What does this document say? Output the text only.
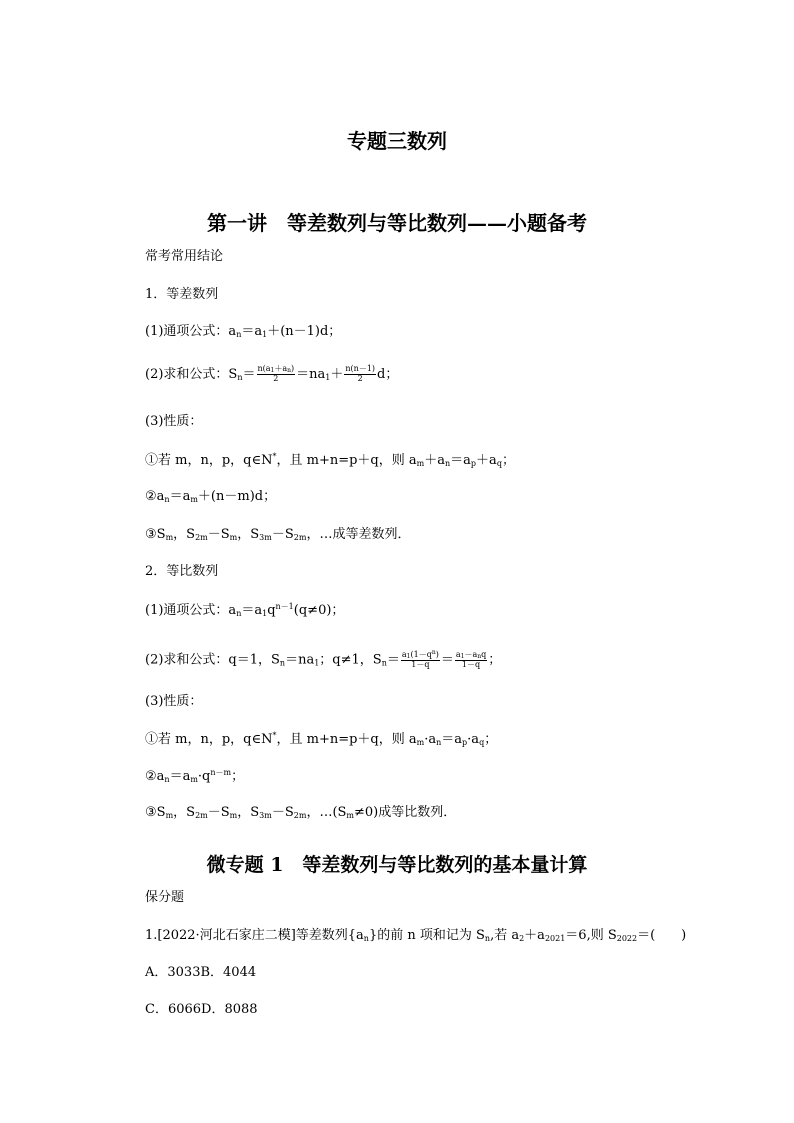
专题三数列
第一讲　等差数列与等比数列——小题备考
常考常用结论
1．等差数列
(1)通项公式：$a_n=a_1+(n-1)d$；
(2)求和公式：$S_n= \frac{n(a_1+a_n)}{2} =na_1+ \frac{n(n-1)}{2}$ d；
(3)性质：
①若 m，n，p，q∈N*，且 m+n=p＋q，则 $a_m+a_n=a_p+a_q$；
$②a_n=a_m+(n-m)d$；
$③S_m$，$S_{2m}-S_m$，$S_{3m}-S_{2m}$，…成等差数列．
2．等比数列
(1)通项公式：$a_n=a_1q^{n-1}(q\ne 0)$；
(2)求和公式：q＝1，$S_n=na_1$；q≠1，$S_n= \frac{a_1(1-q^n)}{1-q} = \frac{a_1-a_nq}{1-q}$ ；
(3)性质：
①若 m，n，p，q∈N*，且 m+n=p＋q，则 $a_m\cdot a_n=a_p\cdot a_q$；
$②a_n=a_m\cdot q^{n-m}$；
$③S_m$，$S_{2m}-S_m$，$S_{3m}-S_{2m}$，$\dots(S_m\ne 0)$成等比数列．
微专题 1　等差数列与等比数列的基本量计算
保分题
1.[2022·河北石家庄二模]等差数列$\{a_n\}$的前 n 项和记为 $S_n$,若 $a_2+a_{2021}=6$,则 $S_{2022}=$(　　)
A．3033B．4044
C．6066D．8088
